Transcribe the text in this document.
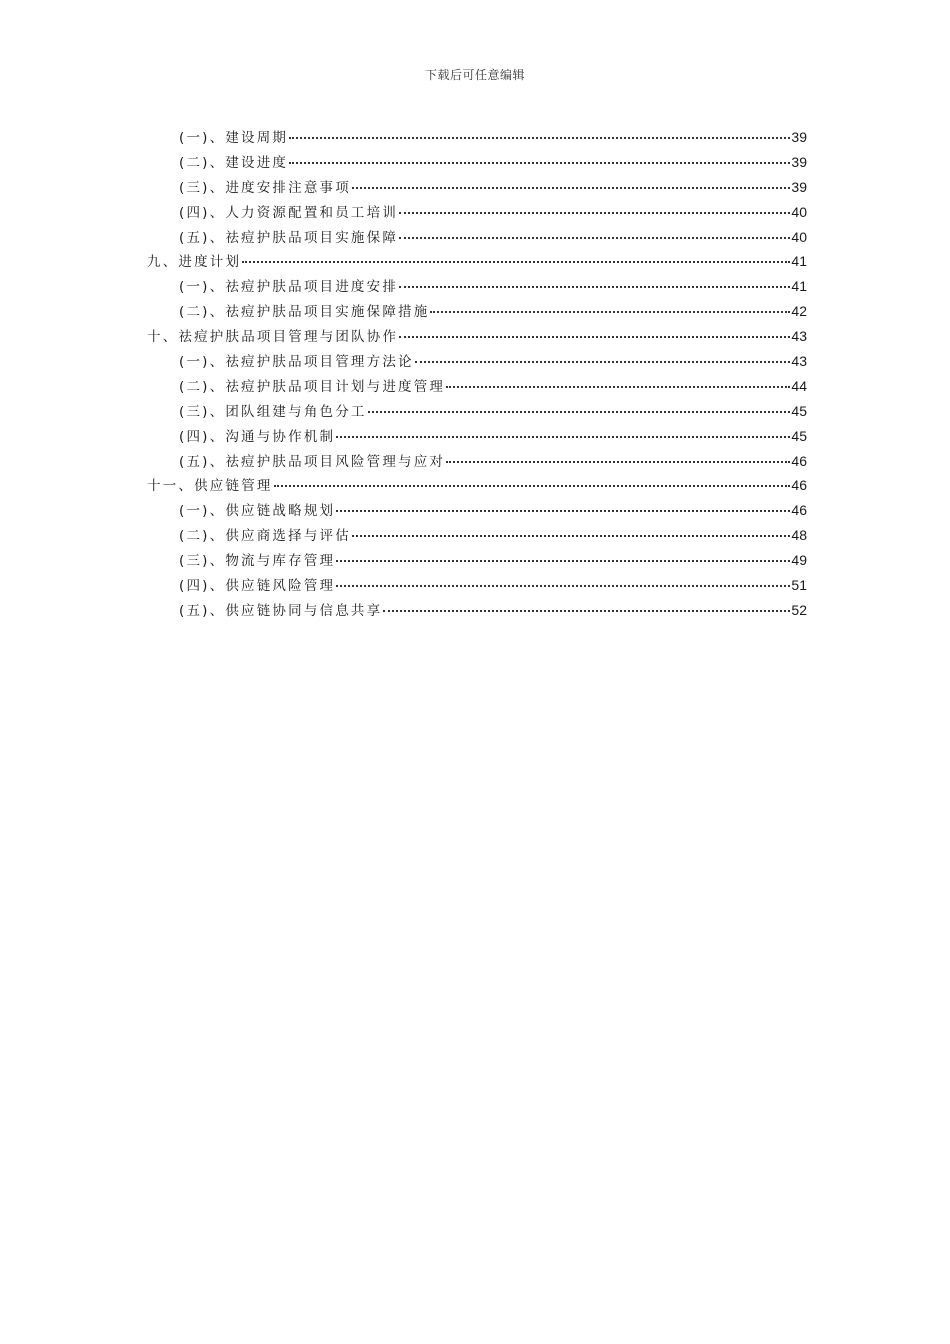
下载后可任意编辑
(一)、建设周期	39
(二)、建设进度	39
(三)、进度安排注意事项	39
(四)、人力资源配置和员工培训	40
(五)、祛痘护肤品项目实施保障	40
九、进度计划	41
(一)、祛痘护肤品项目进度安排	41
(二)、祛痘护肤品项目实施保障措施	42
十、祛痘护肤品项目管理与团队协作	43
(一)、祛痘护肤品项目管理方法论	43
(二)、祛痘护肤品项目计划与进度管理	44
(三)、团队组建与角色分工	45
(四)、沟通与协作机制	45
(五)、祛痘护肤品项目风险管理与应对	46
十一、供应链管理	46
(一)、供应链战略规划	46
(二)、供应商选择与评估	48
(三)、物流与库存管理	49
(四)、供应链风险管理	51
(五)、供应链协同与信息共享	52
